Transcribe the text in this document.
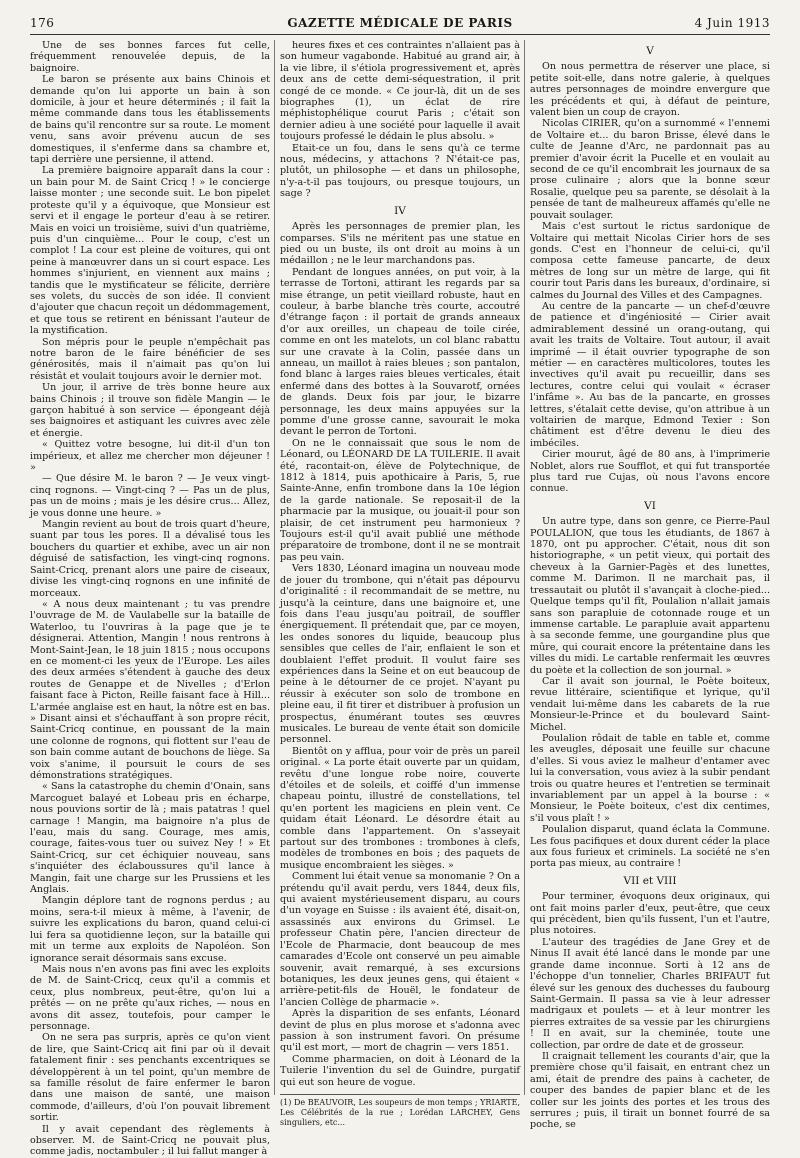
176	GAZETTE MÉDICALE DE PARIS	4 Juin 1913

Une de ses bonnes farces fut celle, fréquemment renouvelée depuis, de la baignoire.

Le baron se présente aux bains Chinois et demande qu'on lui apporte un bain à son domicile, à jour et heure déterminés ; il fait la même commande dans tous les établissements de bains qu'il rencontre sur sa route. Le moment venu, sans avoir prévenu aucun de ses domestiques, il s'enferme dans sa chambre et, tapi derrière une persienne, il attend.

La première baignoire apparaît dans la cour : un bain pour M. de Saint Cricq ! » le concierge laisse monter ; une seconde suit. Le bon pipelet proteste qu'il y a équivoque, que Monsieur est servi et il engage le porteur d'eau à se retirer. Mais en voici un troisième, suivi d'un quatrième, puis d'un cinquième... Pour le coup, c'est un complot ! La cour est pleine de voitures, qui ont peine à manœuvrer dans un si court espace. Les hommes s'injurient, en viennent aux mains ; tandis que le mystificateur se félicite, derrière ses volets, du succès de son idée. Il convient d'ajouter que chacun reçoit un dédommagement, et que tous se retirent en bénissant l'auteur de la mystification.

Son mépris pour le peuple n'empêchait pas notre baron de le faire bénéficier de ses générosités, mais il n'aimait pas qu'on lui résistât et voulait toujours avoir le dernier mot.

Un jour, il arrive de très bonne heure aux bains Chinois ; il trouve son fidèle Mangin — le garçon habitué à son service — épongeant déjà ses baignoires et astiquant les cuivres avec zèle et énergie.

« Quittez votre besogne, lui dit-il d'un ton impérieux, et allez me chercher mon déjeuner ! »

— Que désire M. le baron ? — Je veux vingt-cinq rognons. — Vingt-cinq ? — Pas un de plus, pas un de moins ; mais je les désire crus... Allez, je vous donne une heure. »

Mangin revient au bout de trois quart d'heure, suant par tous les pores. Il a dévalisé tous les bouchers du quartier et exhibe, avec un air non déguisé de satisfaction, les vingt-cinq rognons. Saint-Cricq, prenant alors une paire de ciseaux, divise les vingt-cinq rognons en une infinité de morceaux.

« A nous deux maintenant ; tu vas prendre l'ouvrage de M. de Vaulabelle sur la bataille de Waterloo, tu l'ouvriras à la page que je te désignerai. Attention, Mangin ! nous rentrons à Mont-Saint-Jean, le 18 juin 1815 ; nous occupons en ce moment-ci les yeux de l'Europe. Les ailes des deux armées s'étendent à gauche des deux routes de Genappe et de Nivelles ; d'Erlon faisant face à Picton, Reille faisant face à Hill... L'armée anglaise est en haut, la nôtre est en bas. » Disant ainsi et s'échauffant à son propre récit, Saint-Cricq continue, en poussant de la main une colonne de rognons, qui flottent sur l'eau de son bain comme autant de bouchons de liège. Sa voix s'anime, il poursuit le cours de ses démonstrations stratégiques.

« Sans la catastrophe du chemin d'Onain, sans Marcoguet balayé et Lobeau pris en écharpe, nous pouvions sortir de là ; mais patatras ! quel carnage ! Mangin, ma baignoire n'a plus de l'eau, mais du sang. Courage, mes amis, courage, faites-vous tuer ou suivez Ney ! » Et Saint-Cricq, sur cet échiquier nouveau, sans s'inquiéter des éclaboussures qu'il lance à Mangin, fait une charge sur les Prussiens et les Anglais.

Mangin déplore tant de rognons perdus ; au moins, sera-t-il mieux à même, à l'avenir, de suivre les explications du baron, quand celui-ci lui fera sa quotidienne leçon, sur la bataille qui mit un terme aux exploits de Napoléon. Son ignorance serait désormais sans excuse.

Mais nous n'en avons pas fini avec les exploits de M. de Saint-Cricq, ceux qu'il a commis et ceux, plus nombreux, peut-être, qu'on lui a prêtés — on ne prête qu'aux riches, — nous en avons dit assez, toutefois, pour camper le personnage.

On ne sera pas surpris, après ce qu'on vient de lire, que Saint-Cricq ait fini par où il devait fatalement finir : ses penchants excentriques se développèrent à un tel point, qu'un membre de sa famille résolut de faire enfermer le baron dans une maison de santé, une maison commode, d'ailleurs, d'où l'on pouvait librement sortir.

Il y avait cependant des règlements à observer. M. de Saint-Cricq ne pouvait plus, comme jadis, noctambuler ; il lui fallut manger à

heures fixes et ces contraintes n'allaient pas à son humeur vagabonde. Habitué au grand air, à la vie libre, il s'étiola progressivement et, après deux ans de cette demi-séquestration, il prit congé de ce monde. « Ce jour-là, dit un de ses biographes (1), un éclat de rire méphistophélique courut Paris ; c'était son dernier adieu à une société pour laquelle il avait toujours professé le dédain le plus absolu. »

Etait-ce un fou, dans le sens qu'à ce terme nous, médecins, y attachons ? N'était-ce pas, plutôt, un philosophe — et dans un philosophe, n'y-a-t-il pas toujours, ou presque toujours, un sage ?

IV

Après les personnages de premier plan, les comparses. S'ils ne méritent pas une statue en pied ou un buste, ils ont droit au moins à un médaillon ; ne le leur marchandons pas.

Pendant de longues années, on put voir, à la terrasse de Tortoni, attirant les regards par sa mise étrange, un petit vieillard robuste, haut en couleur, à barbe blanche très courte, accoutré d'étrange façon : il portait de grands anneaux d'or aux oreilles, un chapeau de toile cirée, comme en ont les matelots, un col blanc rabattu sur une cravate à la Colin, passée dans un anneau, un maillot à raies bleues ; son pantalon, fond blanc à larges raies bleues verticales, était enfermé dans des bottes à la Souvarotf, ornées de glands. Deux fois par jour, le bizarre personnage, les deux mains appuyées sur la pomme d'une grosse canne, savourait le moka devant le perron de Tortoni.

On ne le connaissait que sous le nom de Léonard, ou LÉONARD DE LA TUILERIE. Il avait été, racontait-on, élève de Polytechnique, de 1812 à 1814, puis apothicaire à Paris, 5, rue Sainte-Anne, enfin trombone dans la 10e légion de la garde nationale. Se reposait-il de la pharmacie par la musique, ou jouait-il pour son plaisir, de cet instrument peu harmonieux ? Toujours est-il qu'il avait publié une méthode préparatoire de trombone, dont il ne se montrait pas peu vain.

Vers 1830, Léonard imagina un nouveau mode de jouer du trombone, qui n'était pas dépourvu d'originalité : il recommandait de se mettre, nu jusqu'à la ceinture, dans une baignoire et, une fois dans l'eau jusqu'au poitrail, de souffler énergiquement. Il prétendait que, par ce moyen, les ondes sonores du liquide, beaucoup plus sensibles que celles de l'air, enflaient le son et doublaient l'effet produit. Il voulut faire ses expériences dans la Seine et on eut beaucoup de peine à le détourner de ce projet. N'ayant pu réussir à exécuter son solo de trombone en pleine eau, il fit tirer et distribuer à profusion un prospectus, énumérant toutes ses œuvres musicales. Le bureau de vente était son domicile personnel.

Bientôt on y afflua, pour voir de près un pareil original. « La porte était ouverte par un quidam, revêtu d'une longue robe noire, couverte d'étoiles et de soleils, et coiffé d'un immense chapeau pointu, illustré de constellations, tel qu'en portent les magiciens en plein vent. Ce quidam était Léonard. Le désordre était au comble dans l'appartement. On s'asseyait partout sur des trombones : trombones à clefs, modèles de trombones en bois ; des paquets de musique encombraient les sièges. »

Comment lui était venue sa monomanie ? On a prétendu qu'il avait perdu, vers 1844, deux fils, qui avaient mystérieusement disparu, au cours d'un voyage en Suisse : ils avaient été, disait-on, assassinés aux environs du Grimsel. Le professeur Chatin père, l'ancien directeur de l'Ecole de Pharmacie, dont beaucoup de mes camarades d'Ecole ont conservé un peu aimable souvenir, avait remarqué, à ses excursions botaniques, les deux jeunes gens, qui étaient « arrière-petit-fils de Houël, le fondateur de l'ancien Collège de pharmacie ».

Après la disparition de ses enfants, Léonard devint de plus en plus morose et s'adonna avec passion à son instrument favori. On présume qu'il est mort, — mort de chagrin — vers 1851.

Comme pharmacien, on doit à Léonard de la Tuilerie l'invention du sel de Guindre, purgatif qui eut son heure de vogue.

(1) De BEAUVOIR, Les soupeurs de mon temps ; YRIARTE, Les Célébrités de la rue ; Lorédan LARCHEY, Gens singuliers, etc...
V

On nous permettra de réserver une place, si petite soit-elle, dans notre galerie, à quelques autres personnages de moindre envergure que les précédents et qui, à défaut de peinture, valent bien un coup de crayon.

Nicolas CIRIER, qu'on a surnommé « l'ennemi de Voltaire et... du baron Brisse, élevé dans le culte de Jeanne d'Arc, ne pardonnait pas au premier d'avoir écrit la Pucelle et en voulait au second de ce qu'il encombrait les journaux de sa prose culinaire ; alors que la bonne sœur Rosalie, quelque peu sa parente, se désolait à la pensée de tant de malheureux affamés qu'elle ne pouvait soulager.

Mais c'est surtout le rictus sardonique de Voltaire qui mettait Nicolas Cirier hors de ses gonds. C'est en l'honneur de celui-ci, qu'il composa cette fameuse pancarte, de deux mètres de long sur un mètre de large, qui fit courir tout Paris dans les bureaux, d'ordinaire, si calmes du Journal des Villes et des Campagnes.

Au centre de la pancarte — un chef-d'œuvre de patience et d'ingéniosité — Cirier avait admirablement dessiné un orang-outang, qui avait les traits de Voltaire. Tout autour, il avait imprimé — il était ouvrier typographe de son métier — en caractères multicolores, toutes les invectives qu'il avait pu recueillir, dans ses lectures, contre celui qui voulait « écraser l'infâme ». Au bas de la pancarte, en grosses lettres, s'étalait cette devise, qu'on attribue à un voltairien de marque, Edmond Texier : Son châtiment est d'être devenu le dieu des imbéciles.

Cirier mourut, âgé de 80 ans, à l'imprimerie Noblet, alors rue Soufflot, et qui fut transportée plus tard rue Cujas, où nous l'avons encore connue.

VI

Un autre type, dans son genre, ce Pierre-Paul POULALION, que tous les étudiants, de 1867 à 1870, ont pu approcher. C'était, nous dit son historiographe, « un petit vieux, qui portait des cheveux à la Garnier-Pagès et des lunettes, comme M. Darimon. Il ne marchait pas, il tressautait ou plutôt il s'avançait à cloche-pied... Quelque temps qu'il fît, Poulalion n'allait jamais sans son parapluie de cotonnade rouge et un immense cartable. Le parapluie avait appartenu à sa seconde femme, une gourgandine plus que mûre, qui courait encore la prétentaine dans les villes du midi. Le cartable renfermait les œuvres du poète et la collection de son journal. »

Car il avait son journal, le Poète boiteux, revue littéraire, scientifique et lyrique, qu'il vendait lui-même dans les cabarets de la rue Monsieur-le-Prince et du boulevard Saint-Michel.

Poulalion rôdait de table en table et, comme les aveugles, déposait une feuille sur chacune d'elles. Si vous aviez le malheur d'entamer avec lui la conversation, vous aviez à la subir pendant trois ou quatre heures et l'entretien se terminait invariablement par un appel à la bourse : « Monsieur, le Poète boiteux, c'est dix centimes, s'il vous plaît ! »

Poulalion disparut, quand éclata la Commune. Les fous pacifiques et doux durent céder la place aux fous furieux et criminels. La société ne s'en porta pas mieux, au contraire !

VII et VIII

Pour terminer, évoquons deux originaux, qui ont fait moins parler d'eux, peut-être, que ceux qui précèdent, bien qu'ils fussent, l'un et l'autre, plus notoires.

L'auteur des tragédies de Jane Grey et de Ninus II avait été lancé dans le monde par une grande dame inconnue. Sorti à 12 ans de l'échoppe d'un tonnelier, Charles BRIFAUT fut élevé sur les genoux des duchesses du faubourg Saint-Germain. Il passa sa vie à leur adresser madrigaux et poulets — et à leur montrer les pierres extraites de sa vessie par les chirurgiens ! Il en avait, sur la cheminée, toute une collection, par ordre de date et de grosseur.

Il craignait tellement les courants d'air, que la première chose qu'il faisait, en entrant chez un ami, était de prendre des pains à cacheter, de couper des bandes de papier blanc et de les coller sur les joints des portes et les trous des serrures ; puis, il tirait un bonnet fourré de sa poche, se
